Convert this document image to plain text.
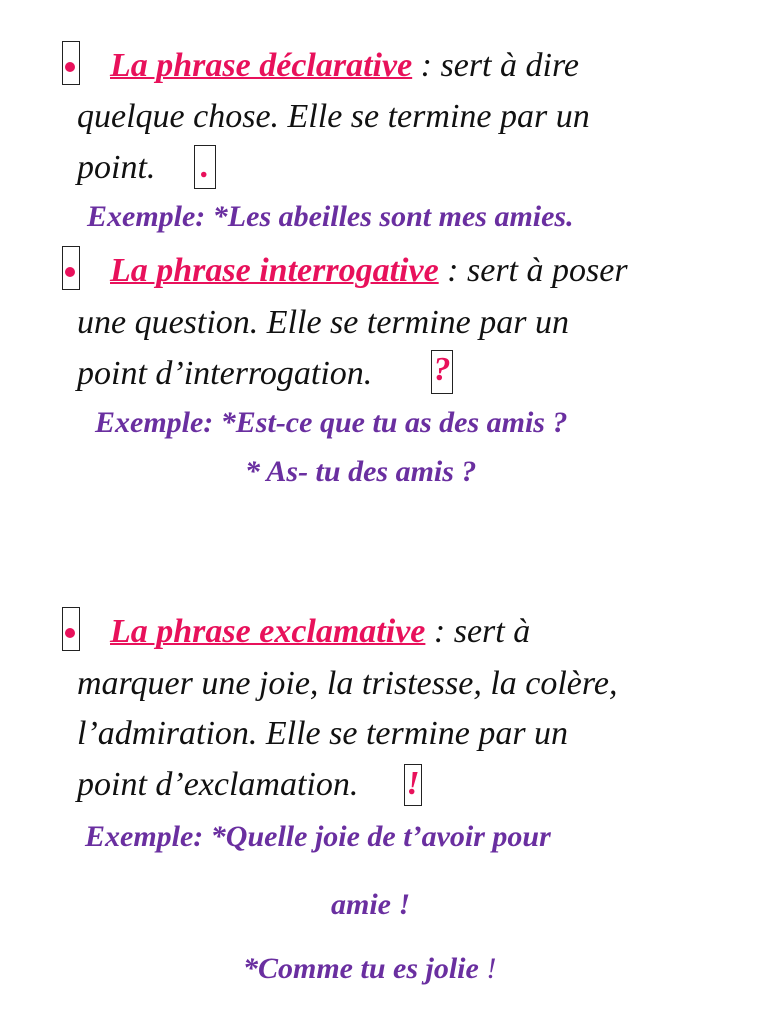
La phrase déclarative : sert à dire
quelque chose. Elle se termine par un
point. .
Exemple: *Les abeilles sont mes amies.
La phrase interrogative : sert à poser
une question. Elle se termine par un
point d’interrogation. ?
Exemple: *Est-ce que tu as des amis ?
* As- tu des amis ?
La phrase exclamative : sert à
marquer une joie, la tristesse, la colère,
l’admiration. Elle se termine par un
point d’exclamation. !
Exemple: *Quelle joie de t’avoir pour
amie !
*Comme tu es jolie !
